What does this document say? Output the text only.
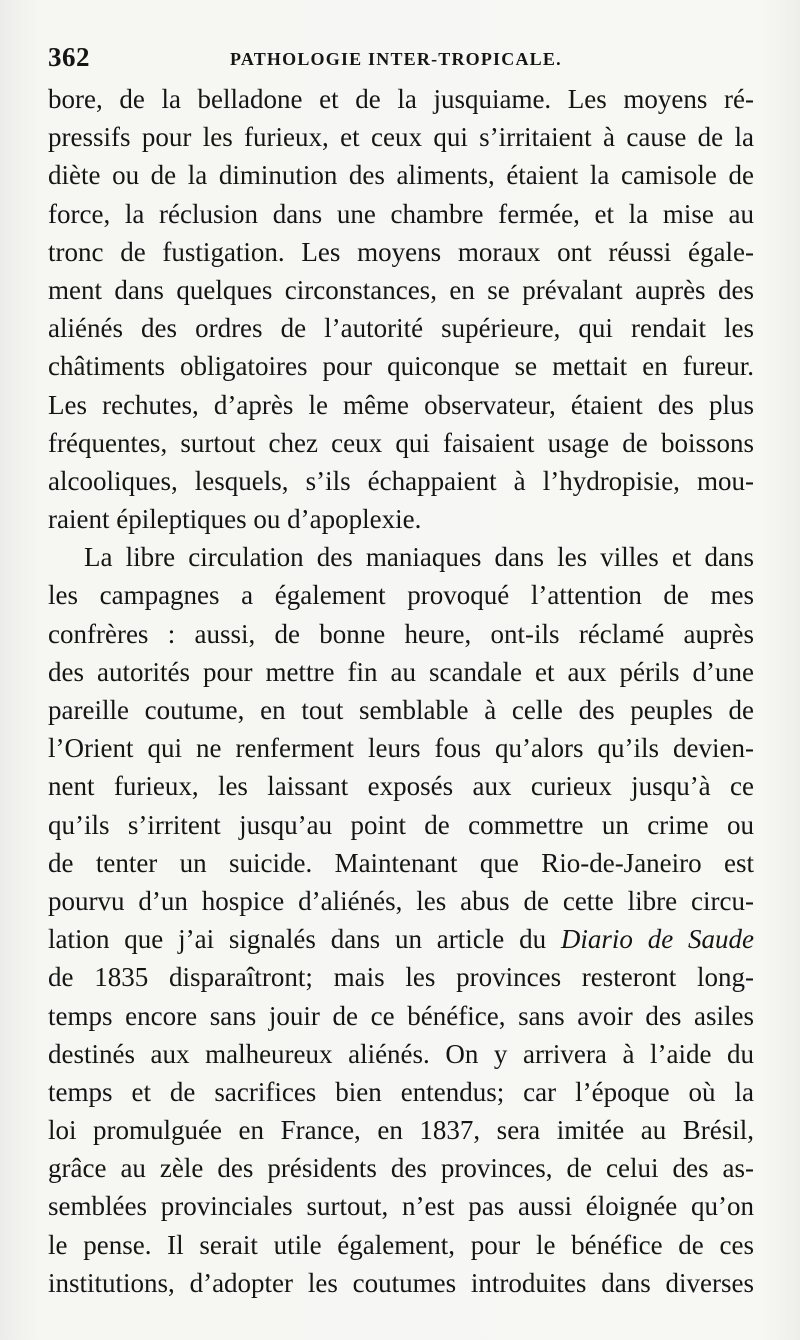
362	PATHOLOGIE INTER-TROPICALE.
bore, de la belladone et de la jusquiame. Les moyens ré-
pressifs pour les furieux, et ceux qui s’irritaient à cause de la
diète ou de la diminution des aliments, étaient la camisole de
force, la réclusion dans une chambre fermée, et la mise au
tronc de fustigation. Les moyens moraux ont réussi égale-
ment dans quelques circonstances, en se prévalant auprès des
aliénés des ordres de l’autorité supérieure, qui rendait les
châtiments obligatoires pour quiconque se mettait en fureur.
Les rechutes, d’après le même observateur, étaient des plus
fréquentes, surtout chez ceux qui faisaient usage de boissons
alcooliques, lesquels, s’ils échappaient à l’hydropisie, mou-
raient épileptiques ou d’apoplexie.
La libre circulation des maniaques dans les villes et dans
les campagnes a également provoqué l’attention de mes
confrères : aussi, de bonne heure, ont-ils réclamé auprès
des autorités pour mettre fin au scandale et aux périls d’une
pareille coutume, en tout semblable à celle des peuples de
l’Orient qui ne renferment leurs fous qu’alors qu’ils devien-
nent furieux, les laissant exposés aux curieux jusqu’à ce
qu’ils s’irritent jusqu’au point de commettre un crime ou
de tenter un suicide. Maintenant que Rio-de-Janeiro est
pourvu d’un hospice d’aliénés, les abus de cette libre circu-
lation que j’ai signalés dans un article du Diario de Saude
de 1835 disparaîtront; mais les provinces resteront long-
temps encore sans jouir de ce bénéfice, sans avoir des asiles
destinés aux malheureux aliénés. On y arrivera à l’aide du
temps et de sacrifices bien entendus; car l’époque où la
loi promulguée en France, en 1837, sera imitée au Brésil,
grâce au zèle des présidents des provinces, de celui des as-
semblées provinciales surtout, n’est pas aussi éloignée qu’on
le pense. Il serait utile également, pour le bénéfice de ces
institutions, d’adopter les coutumes introduites dans diverses
